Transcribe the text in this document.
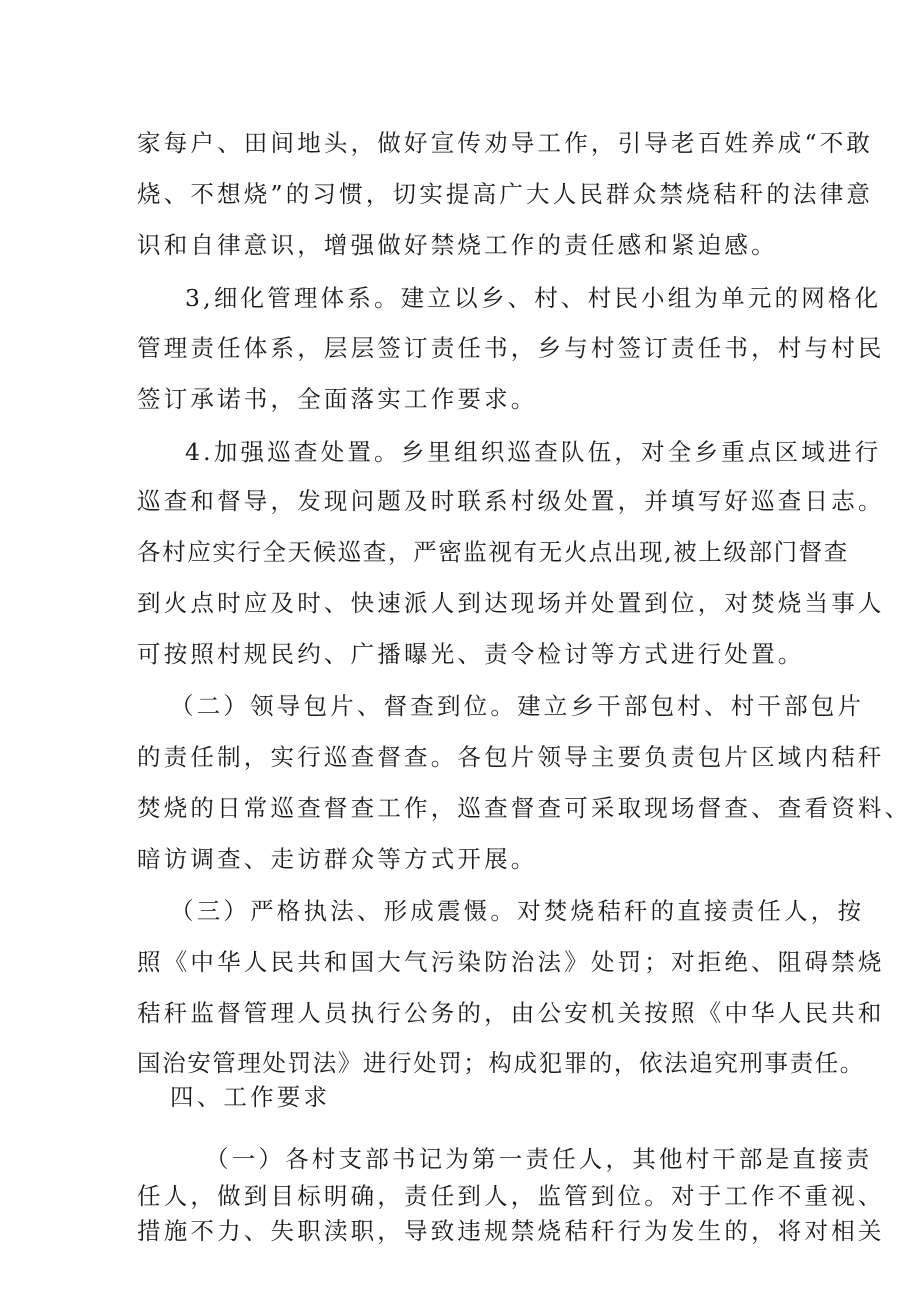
家每户、田间地头，做好宣传劝导工作，引导老百姓养成“不敢
烧、不想烧”的习惯，切实提高广大人民群众禁烧秸秆的法律意
识和自律意识，增强做好禁烧工作的责任感和紧迫感。
3,细化管理体系。建立以乡、村、村民小组为单元的网格化
管理责任体系，层层签订责任书，乡与村签订责任书，村与村民
签订承诺书，全面落实工作要求。
4.加强巡查处置。乡里组织巡查队伍，对全乡重点区域进行
巡查和督导，发现问题及时联系村级处置，并填写好巡查日志。
各村应实行全天候巡查，严密监视有无火点出现,被上级部门督查
到火点时应及时、快速派人到达现场并处置到位，对焚烧当事人
可按照村规民约、广播曝光、责令检讨等方式进行处置。
（二）领导包片、督查到位。建立乡干部包村、村干部包片
的责任制，实行巡查督查。各包片领导主要负责包片区域内秸秆
焚烧的日常巡查督查工作，巡查督查可采取现场督查、查看资料、
暗访调查、走访群众等方式开展。
（三）严格执法、形成震慑。对焚烧秸秆的直接责任人，按
照《中华人民共和国大气污染防治法》处罚；对拒绝、阻碍禁烧
秸秆监督管理人员执行公务的，由公安机关按照《中华人民共和
国治安管理处罚法》进行处罚；构成犯罪的，依法追究刑事责任。
四、工作要求
（一）各村支部书记为第一责任人，其他村干部是直接责
任人，做到目标明确，责任到人，监管到位。对于工作不重视、
措施不力、失职渎职，导致违规禁烧秸秆行为发生的，将对相关
